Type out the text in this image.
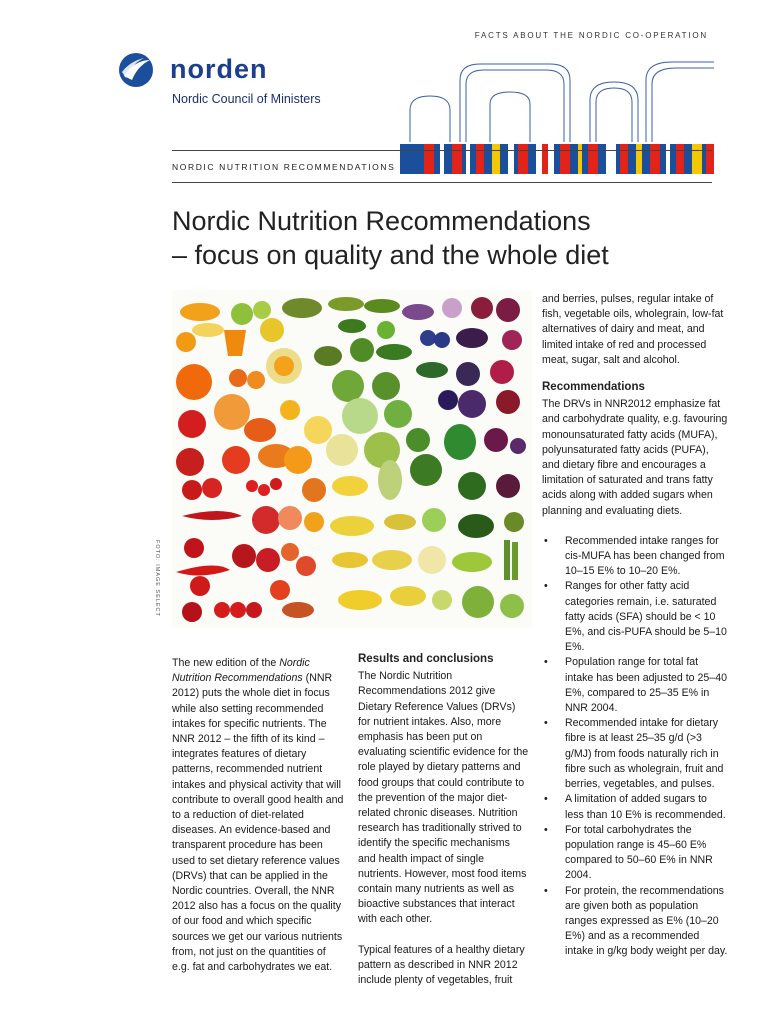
FACTS ABOUT THE NORDIC CO-OPERATION
norden
Nordic Council of Ministers
NORDIC NUTRITION RECOMMENDATIONS
Nordic Nutrition Recommendations
– focus on quality and the whole diet
FOTO: IMAGE SELECT

The new edition of the Nordic Nutrition Recommendations (NNR 2012) puts the whole diet in focus while also setting recommended intakes for specific nutrients. The NNR 2012 – the fifth of its kind – integrates features of dietary patterns, recommended nutrient intakes and physical activity that will contribute to overall good health and to a reduction of diet-related diseases. An evidence-based and transparent procedure has been used to set dietary reference values (DRVs) that can be applied in the Nordic countries. Overall, the NNR 2012 also has a focus on the quality of our food and which specific sources we get our various nutrients from, not just on the quantities of e.g. fat and carbohydrates we eat.

Results and conclusions

The Nordic Nutrition Recommendations 2012 give Dietary Reference Values (DRVs) for nutrient intakes. Also, more emphasis has been put on evaluating scientific evidence for the role played by dietary patterns and food groups that could contribute to the prevention of the major diet-related chronic diseases. Nutrition research has traditionally strived to identify the specific mechanisms and health impact of single nutrients. However, most food items contain many nutrients as well as bioactive substances that interact with each other.

Typical features of a healthy dietary pattern as described in NNR 2012 include plenty of vegetables, fruit

and berries, pulses, regular intake of fish, vegetable oils, wholegrain, low-fat alternatives of dairy and meat, and limited intake of red and processed meat, sugar, salt and alcohol.

Recommendations

The DRVs in NNR2012 emphasize fat and carbohydrate quality, e.g. favouring monounsaturated fatty acids (MUFA), polyunsaturated fatty acids (PUFA), and dietary fibre and encourages a limitation of saturated and trans fatty acids along with added sugars when planning and evaluating diets.

• Recommended intake ranges for cis-MUFA has been changed from 10–15 E% to 10–20 E%.
• Ranges for other fatty acid categories remain, i.e. saturated fatty acids (SFA) should be < 10 E%, and cis-PUFA should be 5–10 E%.
• Population range for total fat intake has been adjusted to 25–40 E%, compared to 25–35 E% in NNR 2004.
• Recommended intake for dietary fibre is at least 25–35 g/d (>3 g/MJ) from foods naturally rich in fibre such as wholegrain, fruit and berries, vegetables, and pulses.
• A limitation of added sugars to less than 10 E% is recommended.
• For total carbohydrates the population range is 45–60 E% compared to 50–60 E% in NNR 2004.
• For protein, the recommendations are given both as population ranges expressed as E% (10–20 E%) and as a recommended intake in g/kg body weight per day.
